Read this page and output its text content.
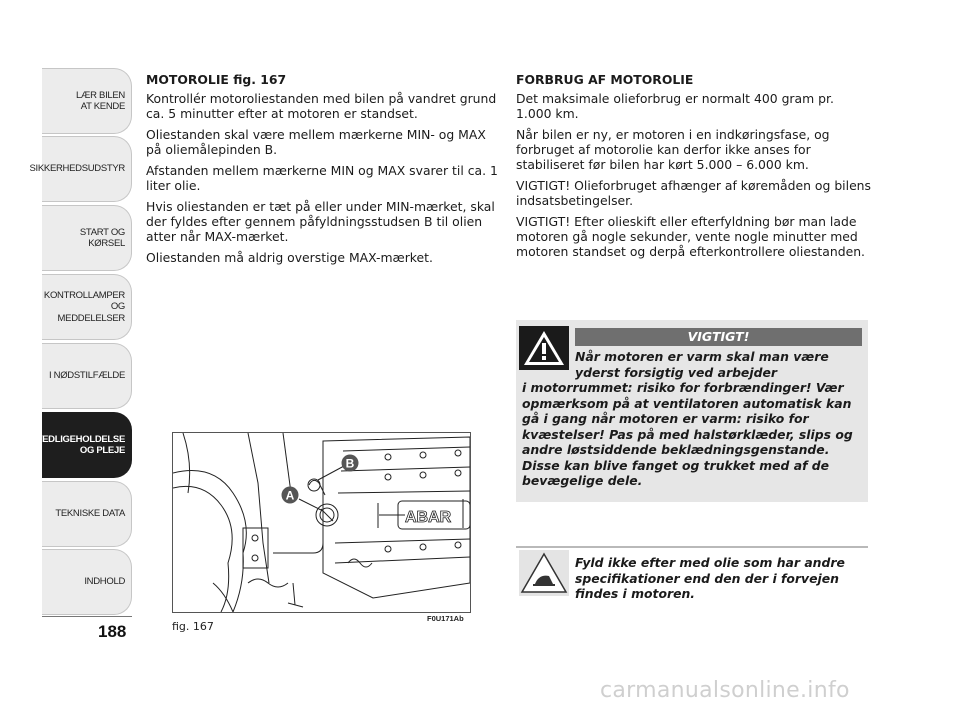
LÆR BILEN
AT KENDE
SIKKERHEDSUDSTYR
START OG KØRSEL
KONTROLLAMPER
OG MEDDELELSER
I NØDSTILFÆLDE
VEDLIGEHOLDELSE
OG PLEJE
TEKNISKE DATA
INDHOLD
188

MOTOROLIE fig. 167

Kontrollér motoroliestanden med bilen på vandret grund ca. 5 minutter efter at motoren er standset.

Oliestanden skal være mellem mærkerne MIN- og MAX på oliemålepinden B.

Afstanden mellem mærkerne MIN og MAX svarer til ca. 1 liter olie.

Hvis oliestanden er tæt på eller under MIN-mærket, skal der fyldes efter gennem påfyldningsstudsen B til olien atter når MAX-mærket.

Oliestanden må aldrig overstige MAX-mærket.

FORBRUG AF MOTOROLIE

Det maksimale olieforbrug er normalt 400 gram pr. 1.000 km.

Når bilen er ny, er motoren i en indkøringsfase, og forbruget af motorolie kan derfor ikke anses for stabiliseret før bilen har kørt 5.000 – 6.000 km.

VIGTIGT! Olieforbruget afhænger af køremåden og bilens indsatsbetingelser.

VIGTIGT! Efter olieskift eller efterfyldning bør man lade motoren gå nogle sekunder, vente nogle minutter med motoren standset og derpå efterkontrollere oliestanden.

ABAR
A
B
fig. 167
F0U171Ab
VIGTIGT!
Når motoren er varm skal man være yderst forsigtig ved arbejder
i motorrummet: risiko for forbrændinger! Vær opmærksom på at ventilatoren automatisk kan gå i gang når motoren er varm: risiko for kvæstelser! Pas på med halstørklæder, slips og andre løstsiddende beklædningsgenstande. Disse kan blive fanget og trukket med af de bevægelige dele.
Fyld ikke efter med olie som har andre specifikationer end den der i forvejen findes i motoren.
carmanualsonline.info
